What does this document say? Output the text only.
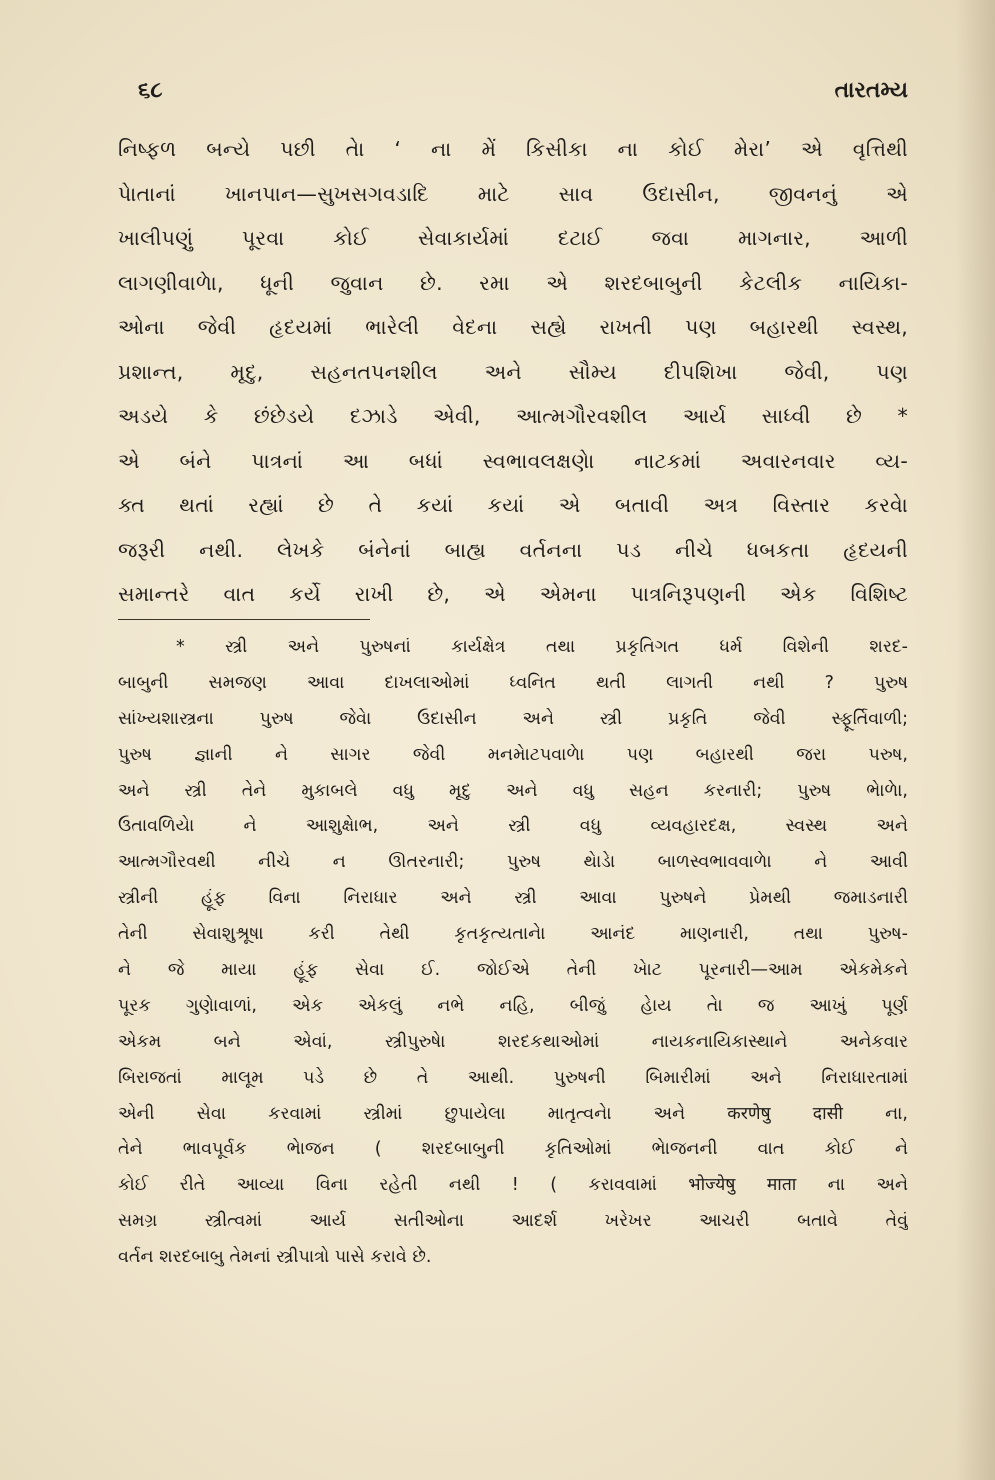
૬૮	તારતમ્ય
નિષ્ફળ બન્યે પછી તેા ‘ ના મેં કિસીકા ના કોઈ મેરા’ એ વૃત્તિથી
પેાતાનાં ખાનપાન—સુખસગવડાદિ માટે સાવ ઉદાસીન, જીવનનું એ
ખાલીપણું પૂરવા કોઈ સેવાકાર્યમાં દટાઈ જવા માગનાર, આળી
લાગણીવાળેા, ધૂની જુવાન છે. રમા એ શરદબાબુની કેટલીક નાયિકા-
ઓના જેવી હૃદયમાં ભારેલી વેદના સહ્યે રાખતી પણ બહારથી સ્વસ્થ,
પ્રશાન્ત, મૃદુ, સહનતપનશીલ અને સૌમ્ય દીપશિખા જેવી, પણ
અડયે કે છંછેડયે દઝાડે એવી, આત્મગૌરવશીલ આર્ય સાધ્વી છે *
એ બંને પાત્રનાં આ બધાં સ્વભાવલક્ષણેા નાટકમાં અવારનવાર વ્ય-
ક્ત થતાં રહ્યાં છે તે કયાં કયાં એ બતાવી અત્ર વિસ્તાર કરવેા
જરૂરી નથી. લેખકે બંનેનાં બાહ્ય વર્તનના પડ નીચે ધબકતા હૃદયની
સમાન્તરે વાત કર્યે રાખી છે, એ એમના પાત્રનિરૂપણની એક વિશિષ્ટ
* સ્ત્રી અને પુરુષનાં કાર્યક્ષેત્ર તથા પ્રકૃતિગત ધર્મ વિશેની શરદ-
બાબુની સમજણ આવા દાખલાઓમાં ધ્વનિત થતી લાગતી નથી ? પુરુષ
સાંખ્યશાસ્ત્રના પુરુષ જેવેા ઉદાસીન અને સ્ત્રી પ્રકૃતિ જેવી સ્ફૂર્તિવાળી;
પુરુષ જ્ઞાની ને સાગર જેવી મનમેાટપવાળેા પણ બહારથી જરા પરુષ,
અને સ્ત્રી તેને મુકાબલે વધુ મૃદુ અને વધુ સહન કરનારી; પુરુષ ભેાળેા,
ઉતાવળિયેા ને આશુક્ષેાભ, અને સ્ત્રી વધુ વ્યવહારદક્ષ, સ્વસ્થ અને
આત્મગૌરવથી નીચે ન ઊતરનારી; પુરુષ થેાડેા બાળસ્વભાવવાળેા ને આવી
સ્ત્રીની હૂંફ વિના નિરાધાર અને સ્ત્રી આવા પુરુષને પ્રેમથી જમાડનારી
તેની સેવાશુશ્રૂષા કરી તેથી કૃતકૃત્યતાનેા આનંદ માણનારી, તથા પુરુષ-
ને જે માયા હૂંફ સેવા ઈ. જોઈએ તેની ખેાટ પૂરનારી—આમ એકમેકને
પૂરક ગુણેાવાળાં, એક એકલું નભે નહિ, બીજું હેાય તેા જ આખું પૂર્ણ
એકમ બને એવાં, સ્ત્રીપુરુષેા શરદકથાઓમાં નાયકનાયિકાસ્થાને અનેકવાર
બિરાજતાં માલૂમ પડે છે તે આથી. પુરુષની બિમારીમાં અને નિરાધારતામાં
એની સેવા કરવામાં સ્ત્રીમાં છુપાયેલા માતૃત્વનેા અને करणेषु दासी ના,
તેને ભાવપૂર્વક ભેાજન ( શરદબાબુની કૃતિઓમાં ભેાજનની વાત કોઈ ને
કોઈ રીતે આવ્યા વિના રહેતી નથી ! ( કરાવવામાં भोज्येषु माता ના અને
સમગ્ર સ્ત્રીત્વમાં આર્ય સતીઓના આદર્શ ખરેખર આચરી બતાવે તેવું
વર્તન શરદબાબુ તેમનાં સ્ત્રીપાત્રો પાસે કરાવે છે.
